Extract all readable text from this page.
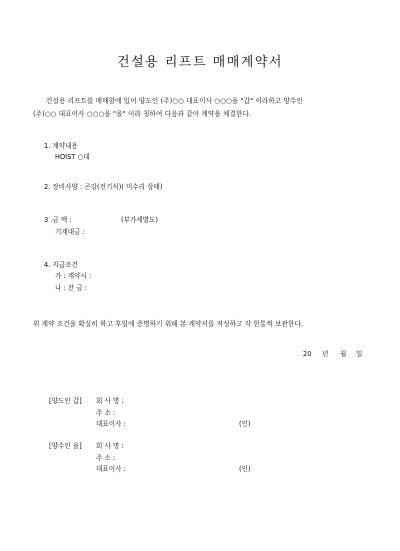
건설용 리프트 매매계약서
건설용 리프트를 매매함에 있어 양도인 (주)○○ 대표이사 ○○○을 "갑" 이라하고 양수인
(주)○○ 대표이사 ○○○을 "을" 이라 칭하여 다음과 같이 계약을 체결한다.
1. 계약내용
HOIST ○대
2. 장비사양 : 곤강(전기식)( 미수리 상태)
3 .금 액 :	(부가세별도)
기계대금 :
4. 지급조건
가 : 계약시 :
나 : 잔 금 :
위 계약 조건을 확실히 하고 후일에 증명하기 위해 본 계약서를 작성하고 각 한통씩 보관한다.
20 년 월 일
[양도인 갑] 회 사 명 :
주 소 :
대표이사 :	(인)
[양수인 을] 회 사 명 :
주 소 :
대표이사 :	(인)
